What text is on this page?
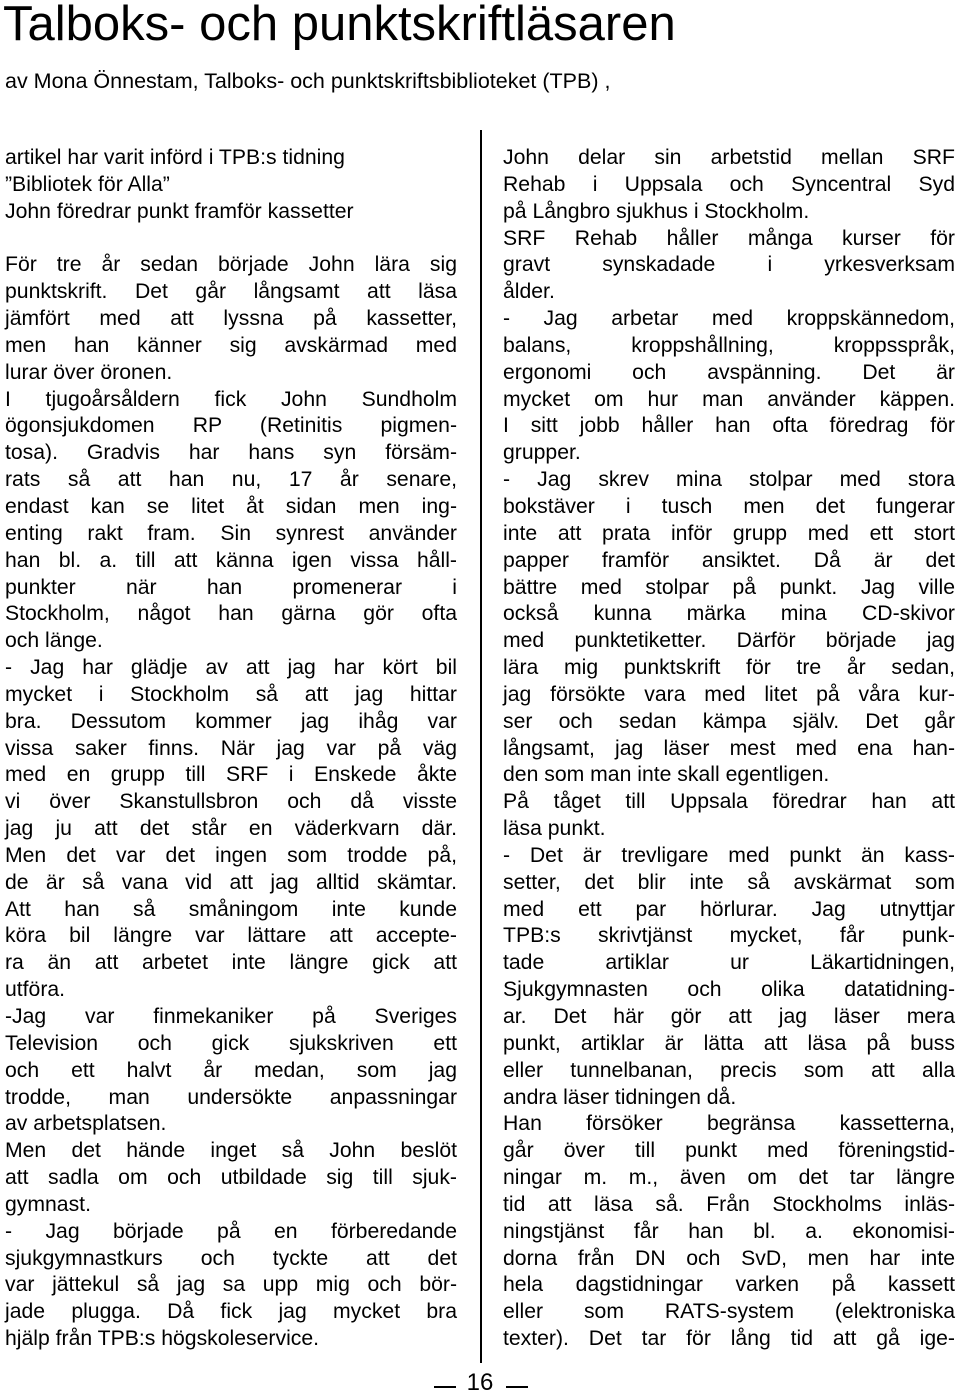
Talboks- och punktskriftläsaren
av Mona Önnestam, Talboks- och punktskriftsbiblioteket (TPB) ,
artikel har varit införd i TPB:s tidning
”Bibliotek för Alla”
John föredrar punkt framför kassetter
För tre år sedan började John lära sig
punktskrift. Det går långsamt att läsa
jämfört med att lyssna på kassetter,
men han känner sig avskärmad med
lurar över öronen.
I tjugoårsåldern fick John Sundholm
ögonsjukdomen RP (Retinitis pigmen-
tosa). Gradvis har hans syn försäm-
rats så att han nu, 17 år senare,
endast kan se litet åt sidan men ing-
enting rakt fram. Sin synrest använder
han bl. a. till att känna igen vissa håll-
punkter när han promenerar i
Stockholm, något han gärna gör ofta
och länge.
- Jag har glädje av att jag har kört bil
mycket i Stockholm så att jag hittar
bra. Dessutom kommer jag ihåg var
vissa saker finns. När jag var på väg
med en grupp till SRF i Enskede åkte
vi över Skanstullsbron och då visste
jag ju att det står en väderkvarn där.
Men det var det ingen som trodde på,
de är så vana vid att jag alltid skämtar.
Att han så småningom inte kunde
köra bil längre var lättare att accepte-
ra än att arbetet inte längre gick att
utföra.
-Jag var finmekaniker på Sveriges
Television och gick sjukskriven ett
och ett halvt år medan, som jag
trodde, man undersökte anpassningar
av arbetsplatsen.
Men det hände inget så John beslöt
att sadla om och utbildade sig till sjuk-
gymnast.
- Jag började på en förberedande
sjukgymnastkurs och tyckte att det
var jättekul så jag sa upp mig och bör-
jade plugga. Då fick jag mycket bra
hjälp från TPB:s högskoleservice.
John delar sin arbetstid mellan SRF
Rehab i Uppsala och Syncentral Syd
på Långbro sjukhus i Stockholm.
SRF Rehab håller många kurser för
gravt synskadade i yrkesverksam
ålder.
- Jag arbetar med kroppskännedom,
balans, kroppshållning, kroppsspråk,
ergonomi och avspänning. Det är
mycket om hur man använder käppen.
I sitt jobb håller han ofta föredrag för
grupper.
- Jag skrev mina stolpar med stora
bokstäver i tusch men det fungerar
inte att prata inför grupp med ett stort
papper framför ansiktet. Då är det
bättre med stolpar på punkt. Jag ville
också kunna märka mina CD-skivor
med punktetiketter. Därför började jag
lära mig punktskrift för tre år sedan,
jag försökte vara med litet på våra kur-
ser och sedan kämpa själv. Det går
långsamt, jag läser mest med ena han-
den som man inte skall egentligen.
På tåget till Uppsala föredrar han att
läsa punkt.
- Det är trevligare med punkt än kass-
setter, det blir inte så avskärmat som
med ett par hörlurar. Jag utnyttjar
TPB:s skrivtjänst mycket, får punk-
tade artiklar ur Läkartidningen,
Sjukgymnasten och olika datatidning-
ar. Det här gör att jag läser mera
punkt, artiklar är lätta att läsa på buss
eller tunnelbanan, precis som att alla
andra läser tidningen då.
Han försöker begränsa kassetterna,
går över till punkt med föreningstid-
ningar m. m., även om det tar längre
tid att läsa så. Från Stockholms inläs-
ningstjänst får han bl. a. ekonomisi-
dorna från DN och SvD, men har inte
hela dagstidningar varken på kassett
eller som RATS-system (elektroniska
texter). Det tar för lång tid att gå ige-
16
